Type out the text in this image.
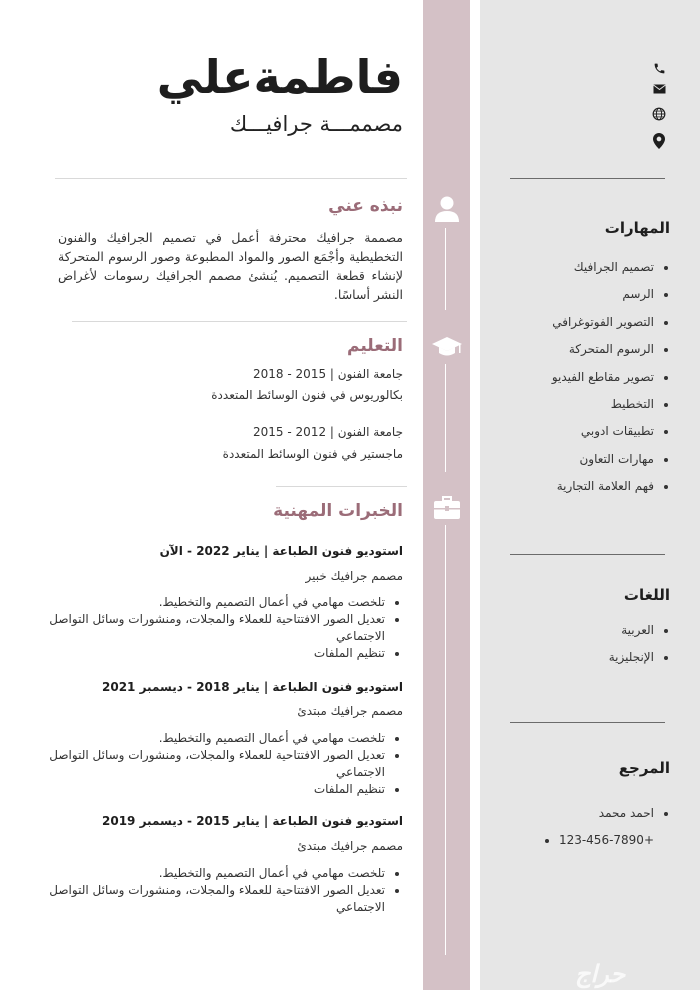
فاطمةعلي

مصممـــة جرافيـــك

نبذه عني

مصممة جرافيك محترفة أعمل في تصميم الجرافيك والفنون التخطيطية وأجْمَع الصور والمواد المطبوعة وصور الرسوم المتحركة لإنشاء قطعة التصميم. يُنشئ مصمم الجرافيك رسومات لأغراض النشر أساسًا.

التعليم

جامعة الفنون | 2015 - 2018

بكالوريوس في فنون الوسائط المتعددة

جامعة الفنون | 2012 - 2015

ماجستير في فنون الوسائط المتعددة

الخبرات المهنية

استوديو فنون الطباعة | يناير 2022 - الآن

مصمم جرافيك خبير

• تلخصت مهامي في أعمال التصميم والتخطيط.
• تعديل الصور الافتتاحية للعملاء والمجلات، ومنشورات وسائل التواصل الاجتماعي
• تنظيم الملفات

استوديو فنون الطباعة | يناير 2018 - ديسمبر 2021

مصمم جرافيك مبتدئ

• تلخصت مهامي في أعمال التصميم والتخطيط.
• تعديل الصور الافتتاحية للعملاء والمجلات، ومنشورات وسائل التواصل الاجتماعي
• تنظيم الملفات

استوديو فنون الطباعة | يناير 2015 - ديسمبر 2019

مصمم جرافيك مبتدئ

• تلخصت مهامي في أعمال التصميم والتخطيط.
• تعديل الصور الافتتاحية للعملاء والمجلات، ومنشورات وسائل التواصل الاجتماعي
المهارات
• تصميم الجرافيك
• الرسم
• التصوير الفوتوغرافي
• الرسوم المتحركة
• تصوير مقاطع الفيديو
• التخطيط
• تطبيقات ادوبي
• مهارات التعاون
• فهم العلامة التجارية
اللغات
• العربية
• الإنجليزية
المرجع
• احمد محمد
• 123-456-7890+
حراج
